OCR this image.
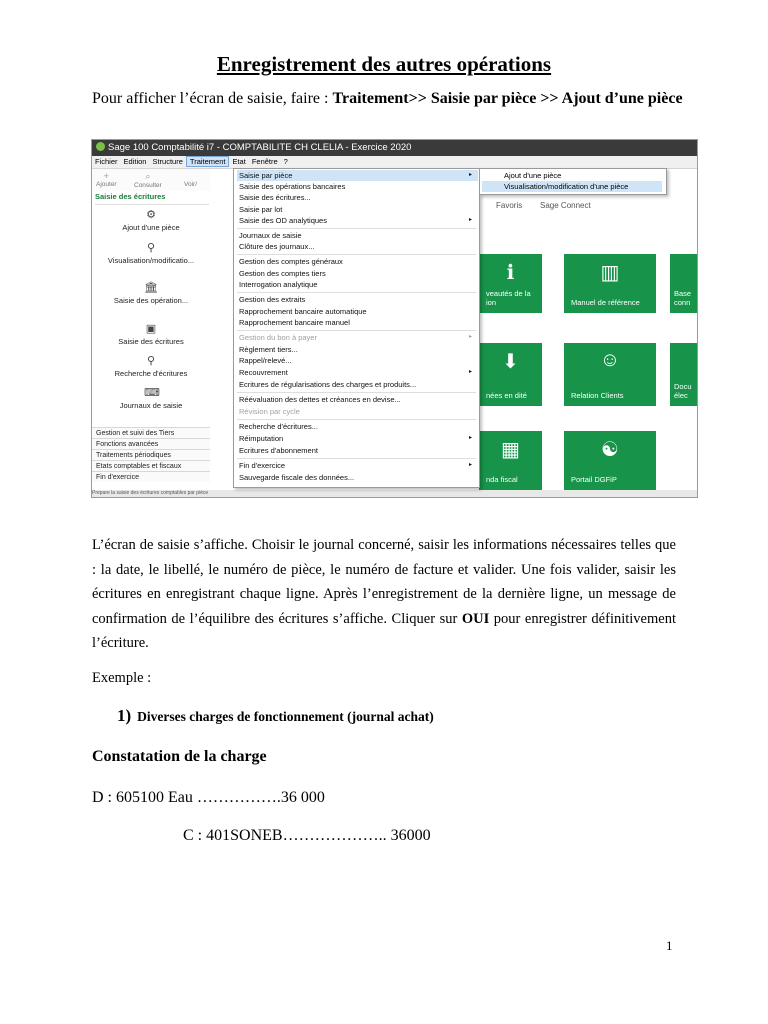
Enregistrement des autres opérations
Pour afficher l’écran de saisie, faire : Traitement>> Saisie par pièce >> Ajout d’une pièce
Sage 100 Comptabilité i7 - COMPTABILITE CH CLELIA - Exercice 2020
Fichier Edition Structure Traitement Etat Fenêtre ?
+
Ajouter
⌕
Consulter
	Voir/
Saisie des écritures
⚙
Ajout d'une pièce
⚲
Visualisation/modificatio...
🏛
Saisie des opération...
▣
Saisie des écritures
⚲
Recherche d'écritures
⌨
Journaux de saisie
Gestion et suivi des Tiers
Fonctions avancées
Traitements périodiques
Etats comptables et fiscaux
Fin d'exercice
Favoris Sage Connect
ℹ
veautés de la ion
▥
Manuel de référence
Base conn
⬇
nées en dité
☺
Relation Clients
Docu élec
▦
nda fiscal
☯
Portail DGFiP
Prepare la saisie des écritures comptables par pièce
Saisie par pièce	▸
Saisie des opérations bancaires
Saisie des écritures...
Saisie par lot
Saisie des OD analytiques	▸
Journaux de saisie
Clôture des journaux...
Gestion des comptes généraux
Gestion des comptes tiers
Interrogation analytique
Gestion des extraits
Rapprochement bancaire automatique
Rapprochement bancaire manuel
Gestion du bon à payer	▸
Règlement tiers...
Rappel/relevé...
Recouvrement	▸
Ecritures de régularisations des charges et produits...
Réévaluation des dettes et créances en devise...
Révision par cycle
Recherche d'écritures...
Réimputation	▸
Ecritures d'abonnement
Fin d'exercice	▸
Sauvegarde fiscale des données...
Ajout d'une pièce
Visualisation/modification d'une pièce
L’écran de saisie s’affiche. Choisir le journal concerné, saisir les informations nécessaires telles que : la date, le libellé, le numéro de pièce, le numéro de facture et valider. Une fois valider, saisir les écritures en enregistrant chaque ligne. Après l’enregistrement de la dernière ligne, un message de confirmation de l’équilibre des écritures s’affiche. Cliquer sur OUI pour enregistrer définitivement l’écriture.
Exemple :
1) Diverses charges de fonctionnement (journal achat)
Constatation de la charge
D : 605100 Eau …………….36 000
C : 401SONEB……………….. 36000
1
